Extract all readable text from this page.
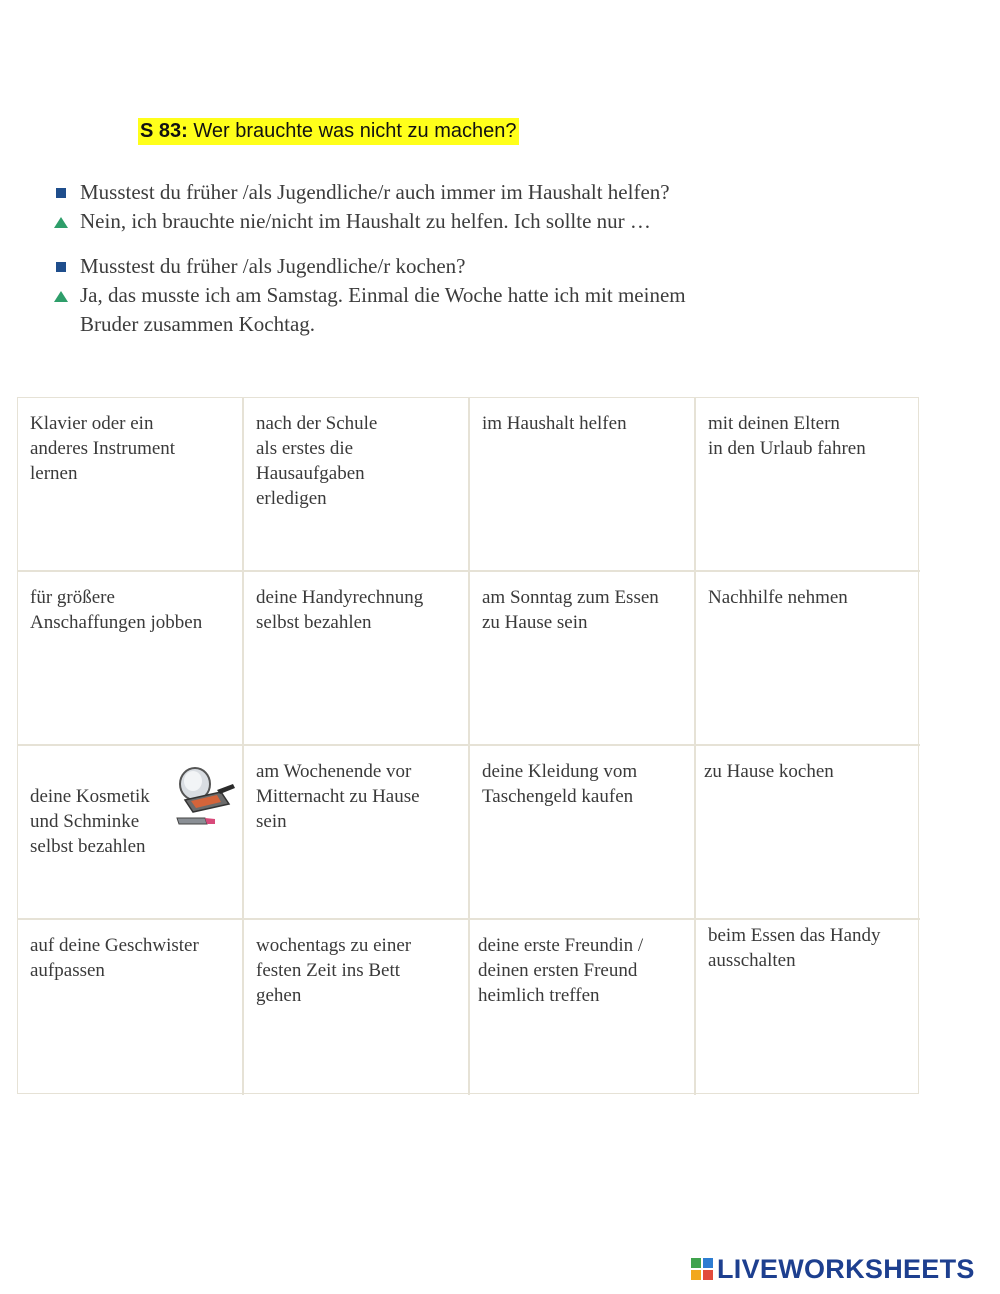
S 83: Wer brauchte was nicht zu machen?
Musstest du früher /als Jugendliche/r auch immer im Haushalt helfen?
Nein, ich brauchte nie/nicht im Haushalt zu helfen. Ich sollte nur …
Musstest du früher /als Jugendliche/r kochen?
Ja, das musste ich am Samstag. Einmal die Woche hatte ich mit meinem
Bruder zusammen Kochtag.
Klavier oder ein
anderes Instrument
lernen
nach der Schule
als erstes die
Hausaufgaben
erledigen
im Haushalt helfen	mit deinen Eltern
in den Urlaub fahren
für größere
Anschaffungen jobben
deine Handyrechnung
selbst bezahlen
am Sonntag zum Essen
zu Hause sein
Nachhilfe nehmen

deine Kosmetik
und Schminke
selbst bezahlen

am Wochenende vor
Mitternacht zu Hause
sein
deine Kleidung vom
Taschengeld kaufen
zu Hause kochen
auf deine Geschwister
aufpassen
wochentags zu einer
festen Zeit ins Bett
gehen
deine erste Freundin /
deinen ersten Freund
heimlich treffen
beim Essen das Handy
ausschalten
LIVEWORKSHEETS
